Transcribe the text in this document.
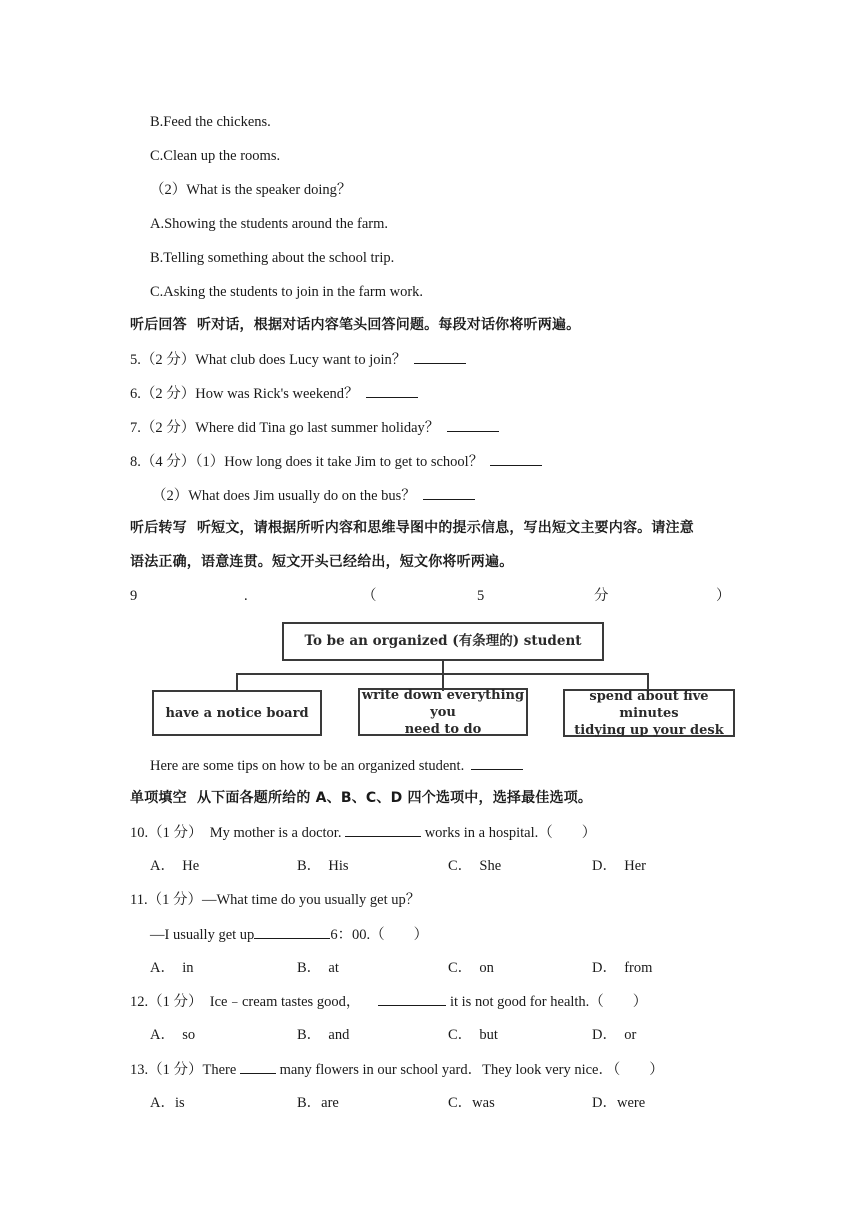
B.Feed the chickens.
C.Clean up the rooms.
（2）What is the speaker doing？
A.Showing the students around the farm.
B.Telling something about the school trip.
C.Asking the students to join in the farm work.
听后回答  听对话，根据对话内容笔头回答问题。每段对话你将听两遍。
5.（2 分）What club does Lucy want to join？
6.（2 分）How was Rick's weekend？
7.（2 分）Where did Tina go last summer holiday？
8.（4 分）（1）How long does it take Jim to get to school？
（2）What does Jim usually do on the bus？
听后转写  听短文，请根据所听内容和思维导图中的提示信息，写出短文主要内容。请注意
语法正确，语意连贯。短文开头已经给出，短文你将听两遍。
9	.	（	5	分	）
To be an organized (有条理的) student
have a notice board
write down everything you
need to do
spend about five minutes
tidying up your desk
Here are some tips on how to be an organized student.
单项填空  从下面各题所给的 A、B、C、D 四个选项中，选择最佳选项。
10.（1 分）  My mother is a doctor.	works in a hospital.（        ）
A．  He	B．  His	C．  She	D．  Her
11.（1 分）—What time do you usually get up？
—I usually get up	6：00.（        ）
A．  in	B．  at	C．  on	D．  from
12.（1 分）  Ice﹣cream tastes good，	it is not good for health.（        ）
A．  so	B．  and	C．  but	D．  or
13.（1 分）There	many flowers in our school yard．They look very nice．（        ）
A．is	B．are	C．was	D．were
